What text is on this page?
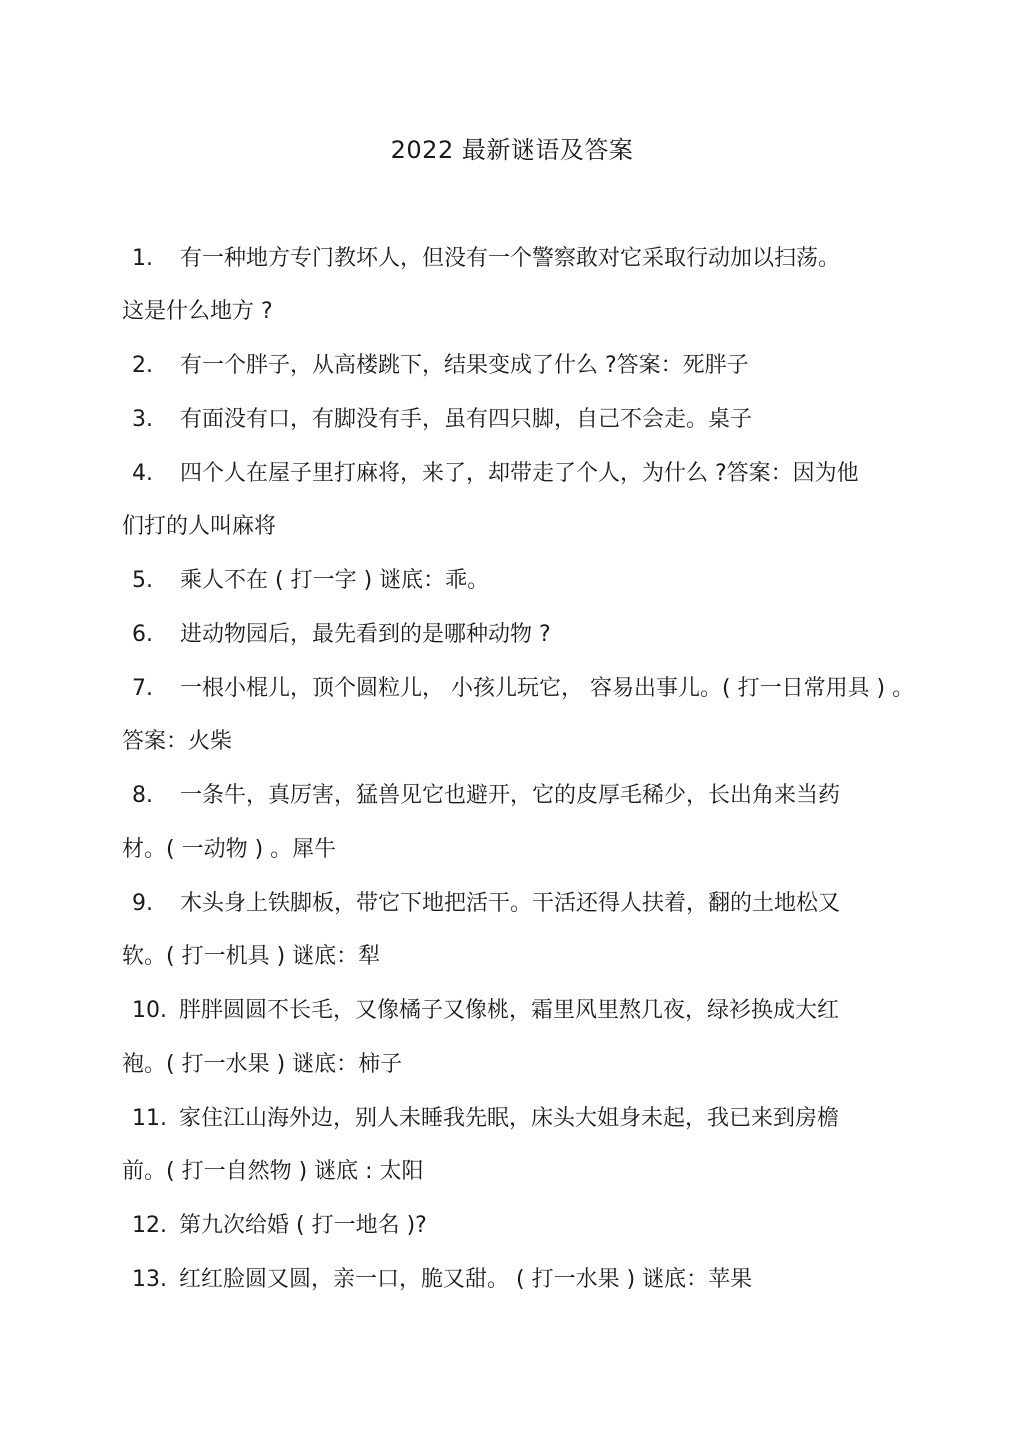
2022 最新谜语及答案
1. 有一种地方专门教坏人，但没有一个警察敢对它采取行动加以扫荡。
这是什么地方 ?
2. 有一个胖子，从高楼跳下，结果变成了什么 ?答案：死胖子
3. 有面没有口，有脚没有手，虽有四只脚，自己不会走。桌子
4. 四个人在屋子里打麻将，来了，却带走了个人，为什么 ?答案：因为他
们打的人叫麻将
5. 乘人不在 ( 打一字 ) 谜底：乖。
6. 进动物园后，最先看到的是哪种动物 ?
7. 一根小棍儿，顶个圆粒儿， 小孩儿玩它， 容易出事儿。( 打一日常用具 ) 。
答案：火柴
8. 一条牛，真厉害，猛兽见它也避开，它的皮厚毛稀少，长出角来当药
材。( 一动物 ) 。犀牛
9. 木头身上铁脚板，带它下地把活干。干活还得人扶着，翻的土地松又
软。( 打一机具 ) 谜底：犁
10. 胖胖圆圆不长毛，又像橘子又像桃，霜里风里熬几夜，绿衫换成大红
袍。( 打一水果 ) 谜底：柿子
11. 家住江山海外边，别人未睡我先眠，床头大姐身未起，我已来到房檐
前。( 打一自然物 ) 谜底 : 太阳
12. 第九次给婚 ( 打一地名 )?
13. 红红脸圆又圆，亲一口，脆又甜。 ( 打一水果 ) 谜底：苹果
